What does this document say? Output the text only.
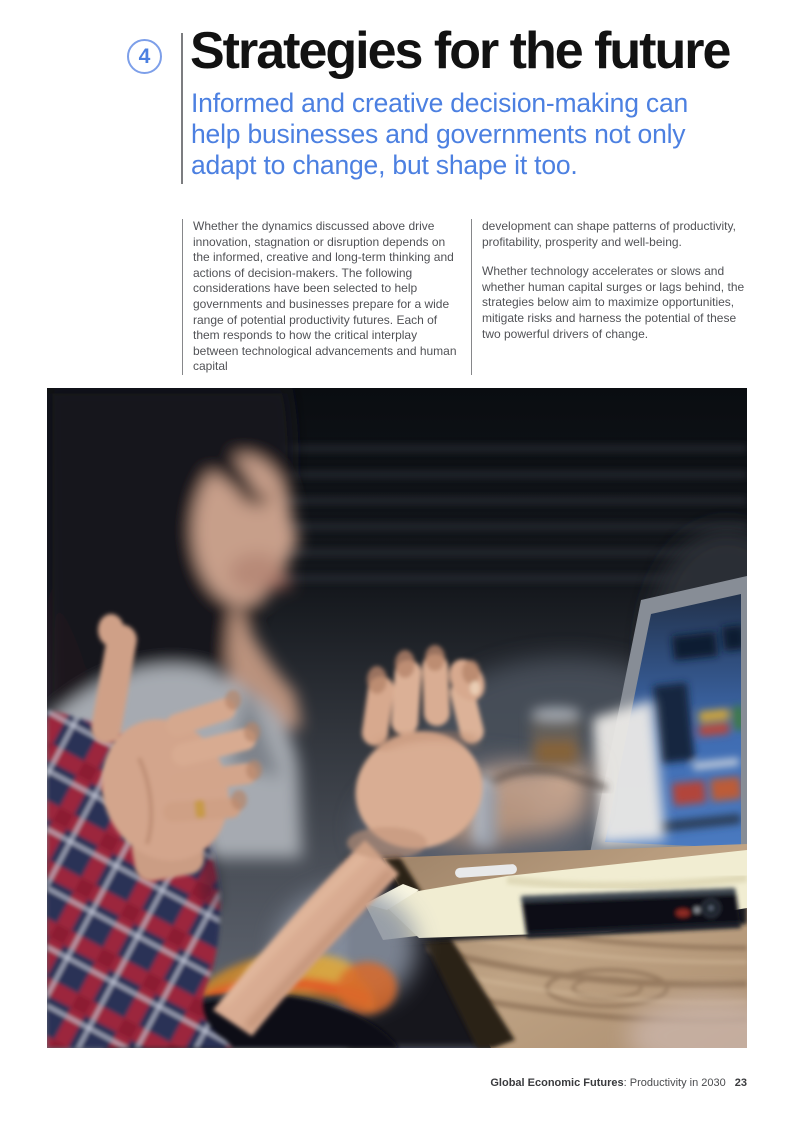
4 Strategies for the future
Informed and creative decision-making can help businesses and governments not only adapt to change, but shape it too.

Whether the dynamics discussed above drive innovation, stagnation or disruption depends on the informed, creative and long-term thinking and actions of decision-makers. The following considerations have been selected to help governments and businesses prepare for a wide range of potential productivity futures. Each of them responds to how the critical interplay between technological advancements and human capital

development can shape patterns of productivity, profitability, prosperity and well-being.

Whether technology accelerates or slows and whether human capital surges or lags behind, the strategies below aim to maximize opportunities, mitigate risks and harness the potential of these two powerful drivers of change.

Global Economic Futures: Productivity in 2030 23
